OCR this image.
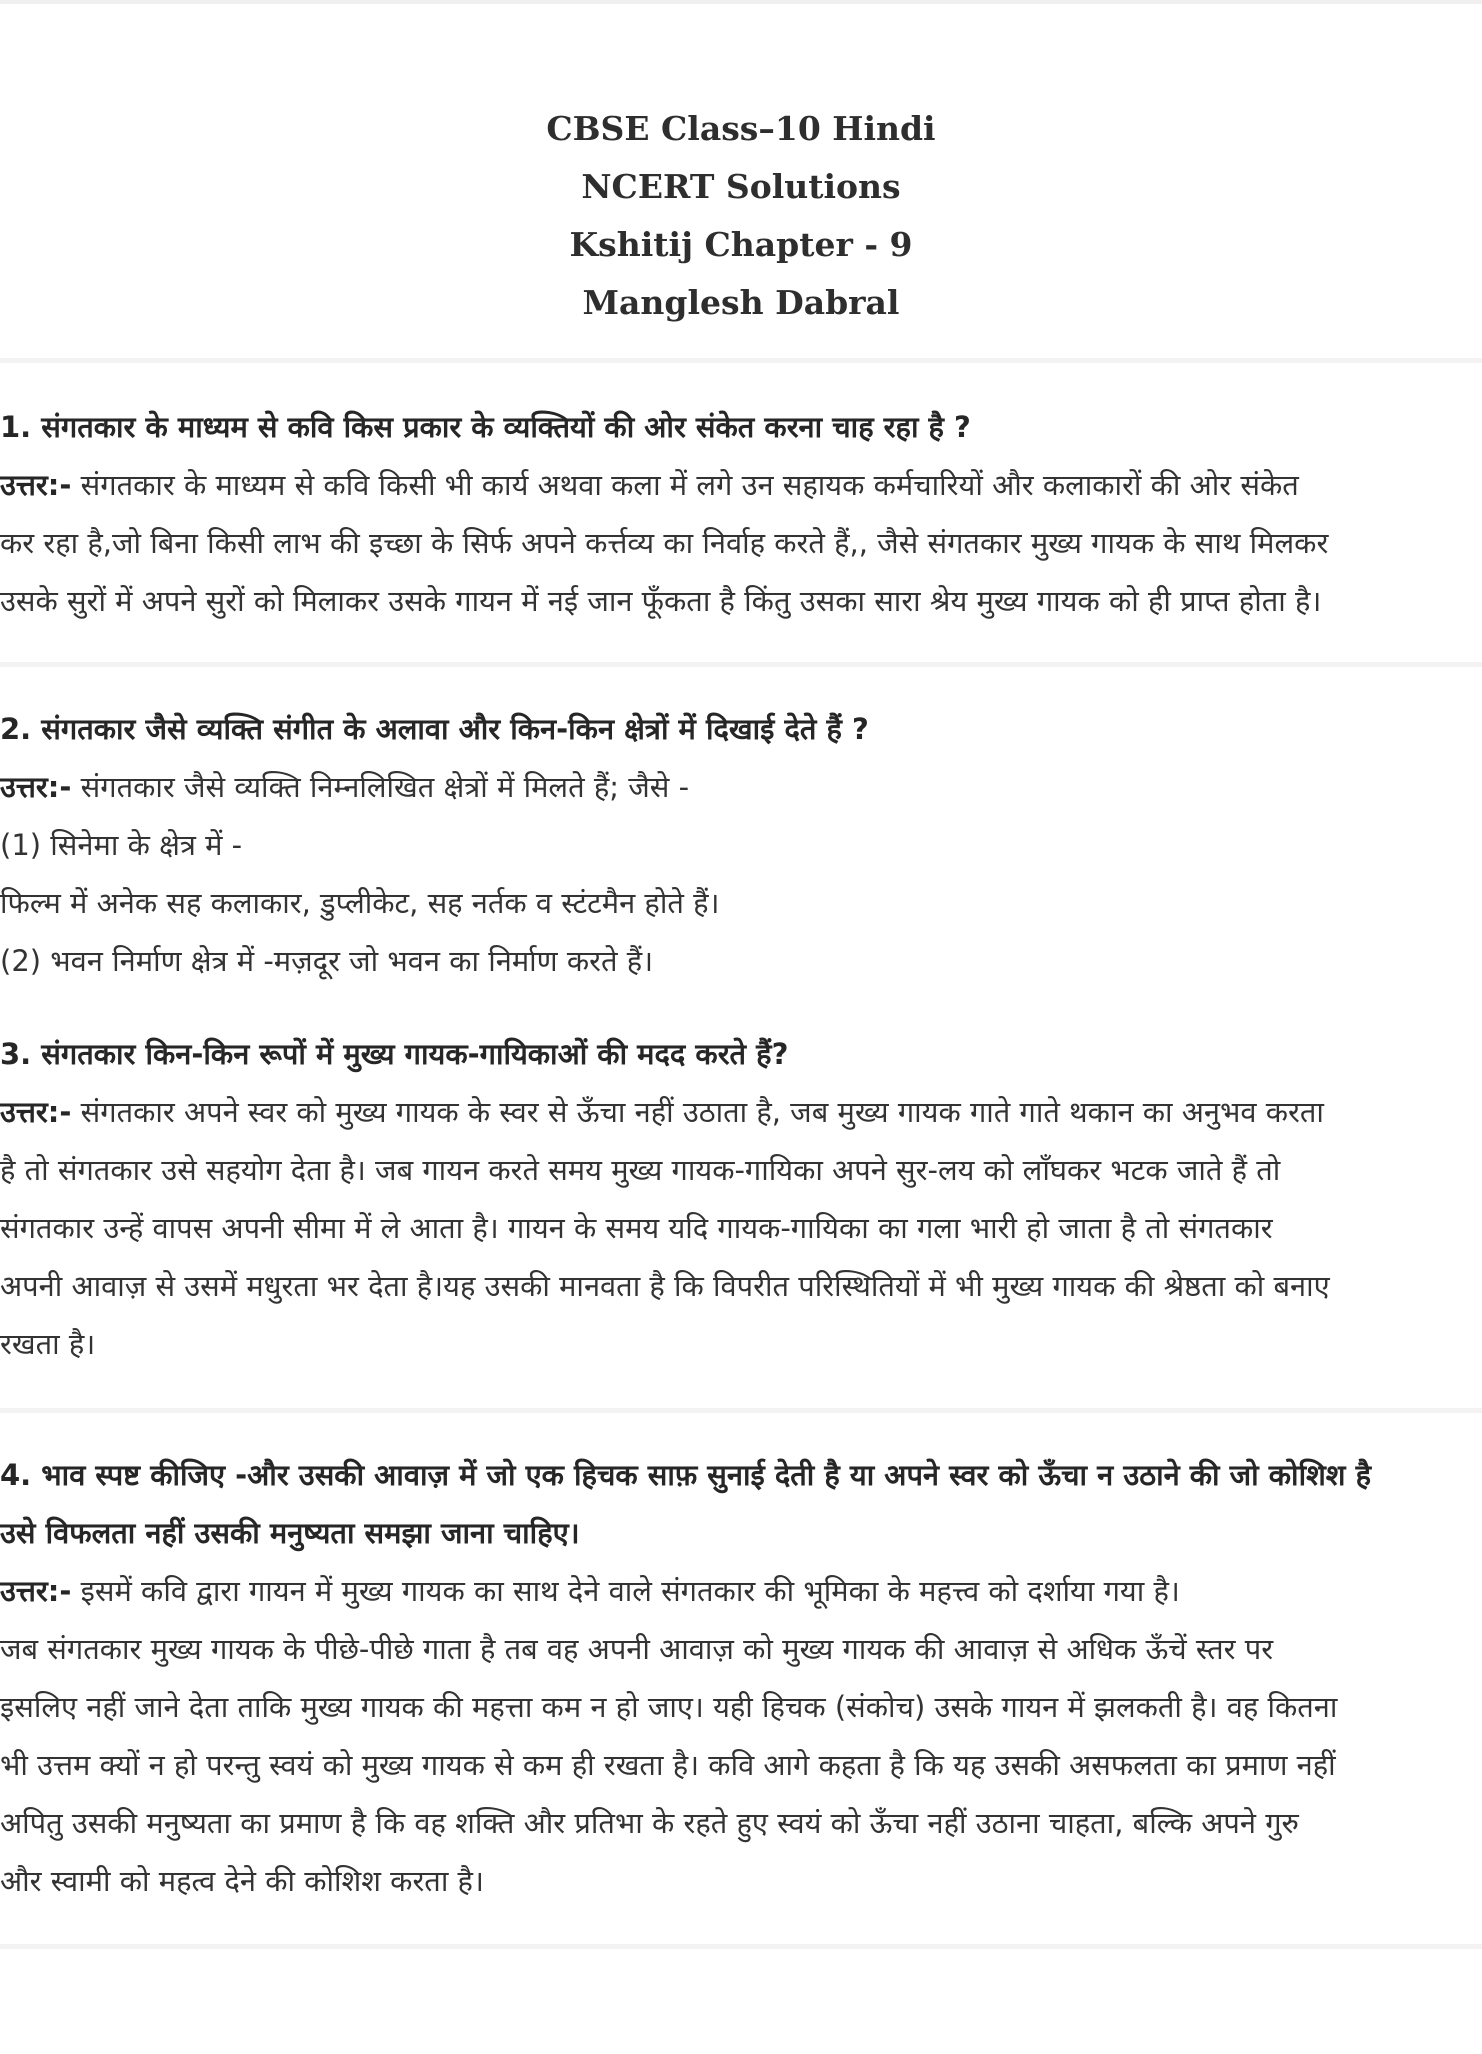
CBSE Class–10 Hindi
NCERT Solutions
Kshitij Chapter - 9
Manglesh Dabral
1. संगतकार के माध्यम से कवि किस प्रकार के व्यक्तियों की ओर संकेत करना चाह रहा है ?
उत्तर:- संगतकार के माध्यम से कवि किसी भी कार्य अथवा कला में लगे उन सहायक कर्मचारियों और कलाकारों की ओर संकेत
कर रहा है,जो बिना किसी लाभ की इच्छा के सिर्फ अपने कर्त्तव्य का निर्वाह करते हैं,, जैसे संगतकार मुख्य गायक के साथ मिलकर
उसके सुरों में अपने सुरों को मिलाकर उसके गायन में नई जान फूँकता है किंतु उसका सारा श्रेय मुख्य गायक को ही प्राप्त होता है।
2. संगतकार जैसे व्यक्ति संगीत के अलावा और किन-किन क्षेत्रों में दिखाई देते हैं ?
उत्तर:- संगतकार जैसे व्यक्ति निम्नलिखित क्षेत्रों में मिलते हैं; जैसे -
(1) सिनेमा के क्षेत्र में -
फिल्म में अनेक सह कलाकार, डुप्लीकेट, सह नर्तक व स्टंटमैन होते हैं।
(2) भवन निर्माण क्षेत्र में -मज़दूर जो भवन का निर्माण करते हैं।
3. संगतकार किन-किन रूपों में मुख्य गायक-गायिकाओं की मदद करते हैं?
उत्तर:- संगतकार अपने स्वर को मुख्य गायक के स्वर से ऊँचा नहीं उठाता है, जब मुख्य गायक गाते गाते थकान का अनुभव करता
है तो संगतकार उसे सहयोग देता है। जब गायन करते समय मुख्य गायक-गायिका अपने सुर-लय को लाँघकर भटक जाते हैं तो
संगतकार उन्हें वापस अपनी सीमा में ले आता है। गायन के समय यदि गायक-गायिका का गला भारी हो जाता है तो संगतकार
अपनी आवाज़ से उसमें मधुरता भर देता है।यह उसकी मानवता है कि विपरीत परिस्थितियों में भी मुख्य गायक की श्रेष्ठता को बनाए
रखता है।
4. भाव स्पष्ट कीजिए -और उसकी आवाज़ में जो एक हिचक साफ़ सुनाई देती है या अपने स्वर को ऊँचा न उठाने की जो कोशिश है
उसे विफलता नहीं उसकी मनुष्यता समझा जाना चाहिए।
उत्तर:- इसमें कवि द्वारा गायन में मुख्य गायक का साथ देने वाले संगतकार की भूमिका के महत्त्व को दर्शाया गया है।
जब संगतकार मुख्य गायक के पीछे-पीछे गाता है तब वह अपनी आवाज़ को मुख्य गायक की आवाज़ से अधिक ऊँचें स्तर पर
इसलिए नहीं जाने देता ताकि मुख्य गायक की महत्ता कम न हो जाए। यही हिचक (संकोच) उसके गायन में झलकती है। वह कितना
भी उत्तम क्यों न हो परन्तु स्वयं को मुख्य गायक से कम ही रखता है। कवि आगे कहता है कि यह उसकी असफलता का प्रमाण नहीं
अपितु उसकी मनुष्यता का प्रमाण है कि वह शक्ति और प्रतिभा के रहते हुए स्वयं को ऊँचा नहीं उठाना चाहता, बल्कि अपने गुरु
और स्वामी को महत्व देने की कोशिश करता है।
